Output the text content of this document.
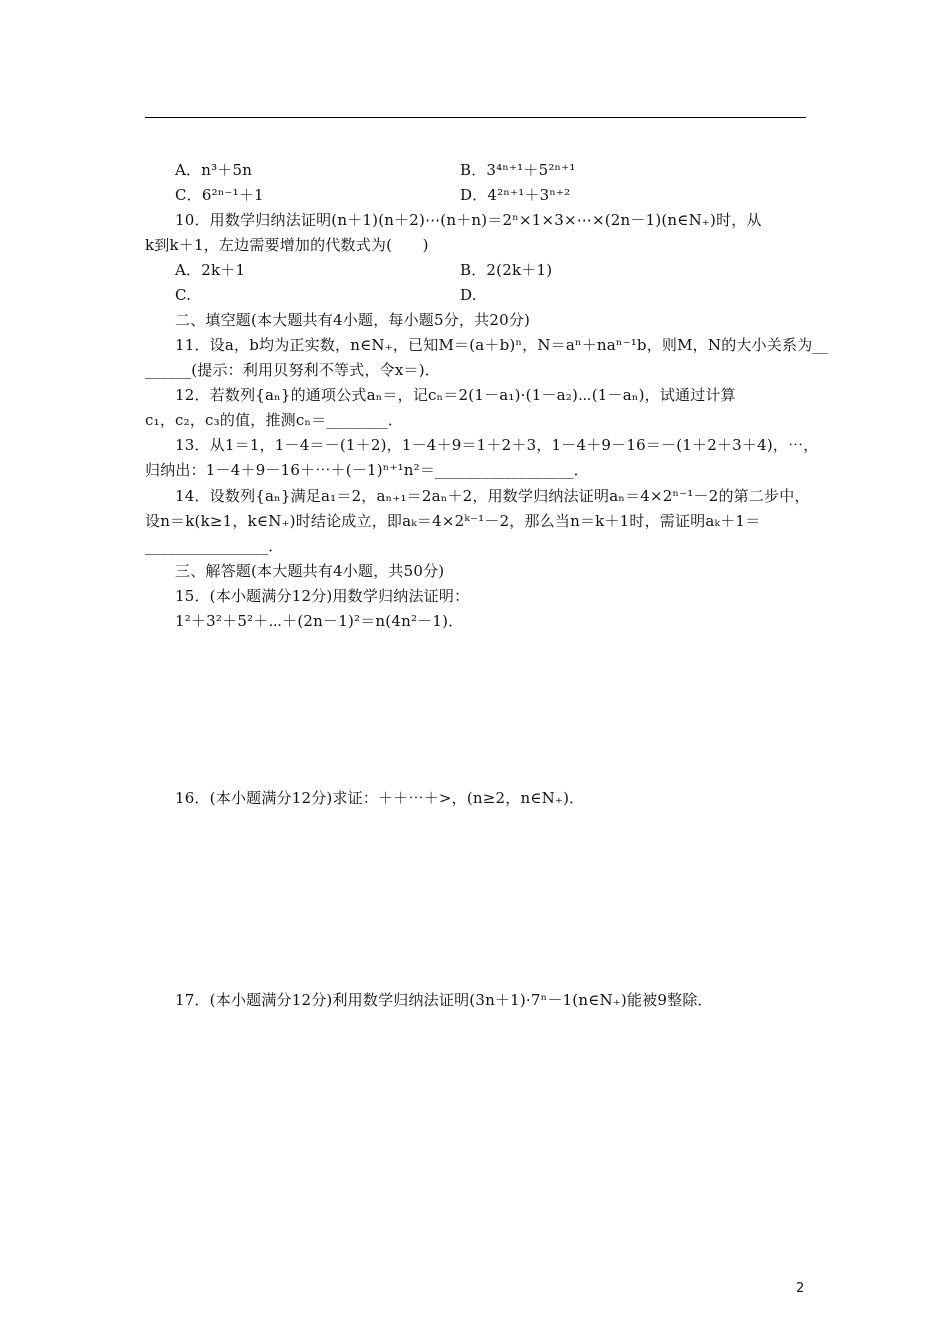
A．n³＋5n	B．3⁴ⁿ⁺¹＋5²ⁿ⁺¹
C．6²ⁿ⁻¹＋1	D．4²ⁿ⁺¹＋3ⁿ⁺²
10．用数学归纳法证明(n＋1)(n＋2)⋯(n＋n)＝2ⁿ×1×3×⋯×(2n－1)(n∈N₊)时，从
k到k＋1，左边需要增加的代数式为(　　)
A．2k＋1	B．2(2k＋1)
C.	D.
二、填空题(本大题共有4小题，每小题5分，共20分)
11．设a，b均为正实数，n∈N₊，已知M＝(a＋b)ⁿ，N＝aⁿ＋naⁿ⁻¹b，则M，N的大小关系为__
______(提示：利用贝努利不等式，令x＝)．
12．若数列{aₙ}的通项公式aₙ＝，记cₙ＝2(1－a₁)·(1－a₂)⋯(1－aₙ)，试通过计算
c₁，c₂，c₃的值，推测cₙ＝________．
13．从1＝1，1－4＝－(1＋2)，1－4＋9＝1＋2＋3，1－4＋9－16＝－(1＋2＋3＋4)，⋯，
归纳出：1－4＋9－16＋⋯＋(－1)ⁿ⁺¹n²＝__________________．
14．设数列{aₙ}满足a₁＝2，aₙ₊₁＝2aₙ＋2，用数学归纳法证明aₙ＝4×2ⁿ⁻¹－2的第二步中，
设n＝k(k≥1，k∈N₊)时结论成立，即aₖ＝4×2ᵏ⁻¹－2，那么当n＝k＋1时，需证明aₖ＋1＝
________________．
三、解答题(本大题共有4小题，共50分)
15．(本小题满分12分)用数学归纳法证明：
1²＋3²＋5²＋⋯＋(2n－1)²＝n(4n²－1)．
16．(本小题满分12分)求证：＋＋⋯＋>，(n≥2，n∈N₊)．
17．(本小题满分12分)利用数学归纳法证明(3n＋1)·7ⁿ－1(n∈N₊)能被9整除．
2
